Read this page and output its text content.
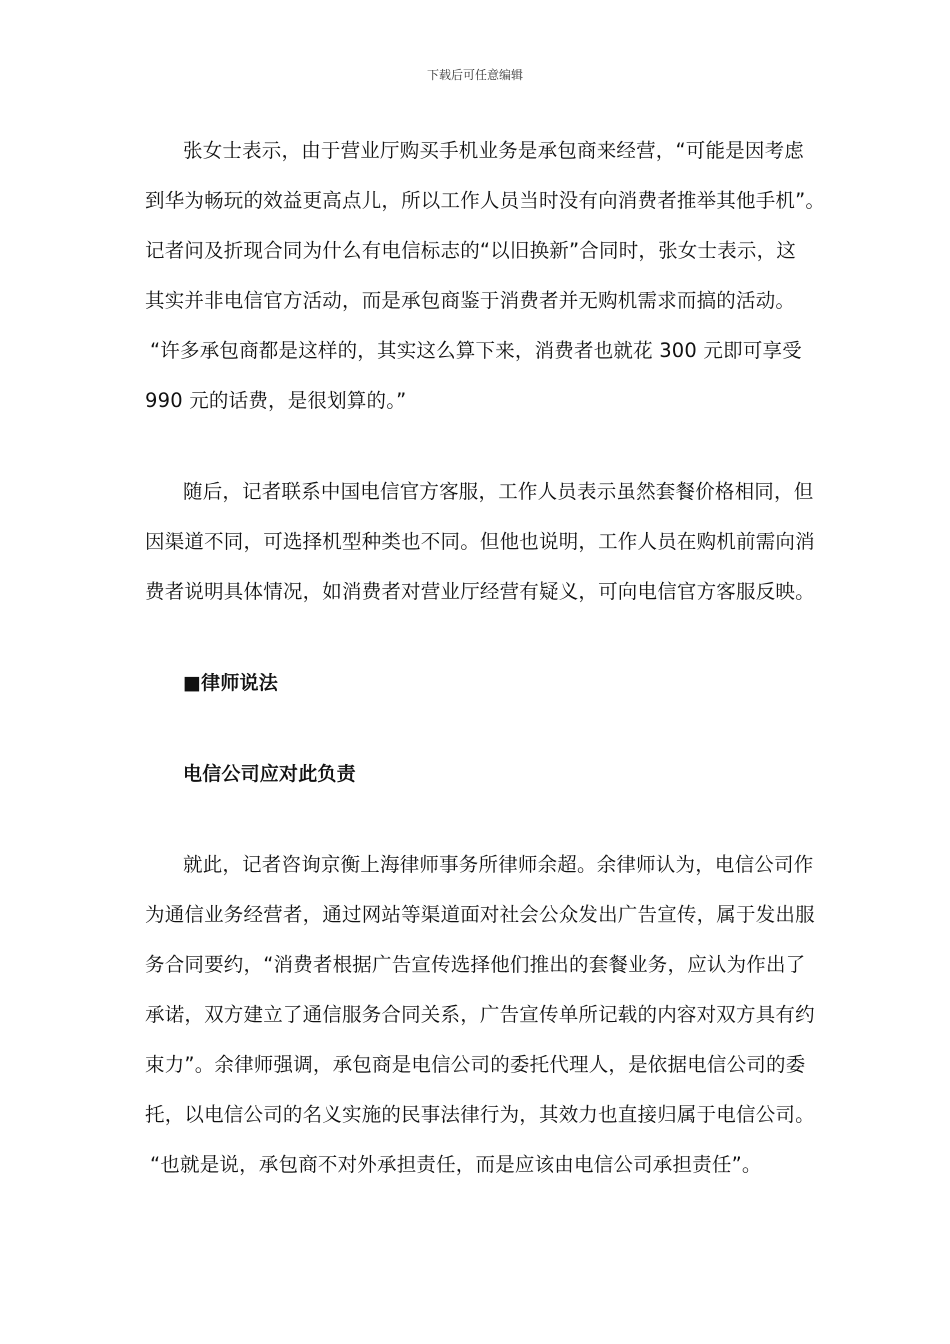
下载后可任意编辑
张女士表示，由于营业厅购买手机业务是承包商来经营，“可能是因考虑
到华为畅玩的效益更高点儿，所以工作人员当时没有向消费者推举其他手机”。
记者问及折现合同为什么有电信标志的“以旧换新”合同时，张女士表示，这
其实并非电信官方活动，而是承包商鉴于消费者并无购机需求而搞的活动。
“许多承包商都是这样的，其实这么算下来，消费者也就花 300 元即可享受
990 元的话费，是很划算的。”
随后，记者联系中国电信官方客服，工作人员表示虽然套餐价格相同，但
因渠道不同，可选择机型种类也不同。但他也说明，工作人员在购机前需向消
费者说明具体情况，如消费者对营业厅经营有疑义，可向电信官方客服反映。
■律师说法
电信公司应对此负责
就此，记者咨询京衡上海律师事务所律师余超。余律师认为，电信公司作
为通信业务经营者，通过网站等渠道面对社会公众发出广告宣传，属于发出服
务合同要约，“消费者根据广告宣传选择他们推出的套餐业务，应认为作出了
承诺，双方建立了通信服务合同关系，广告宣传单所记载的内容对双方具有约
束力”。余律师强调，承包商是电信公司的委托代理人，是依据电信公司的委
托，以电信公司的名义实施的民事法律行为，其效力也直接归属于电信公司。
“也就是说，承包商不对外承担责任，而是应该由电信公司承担责任”。
